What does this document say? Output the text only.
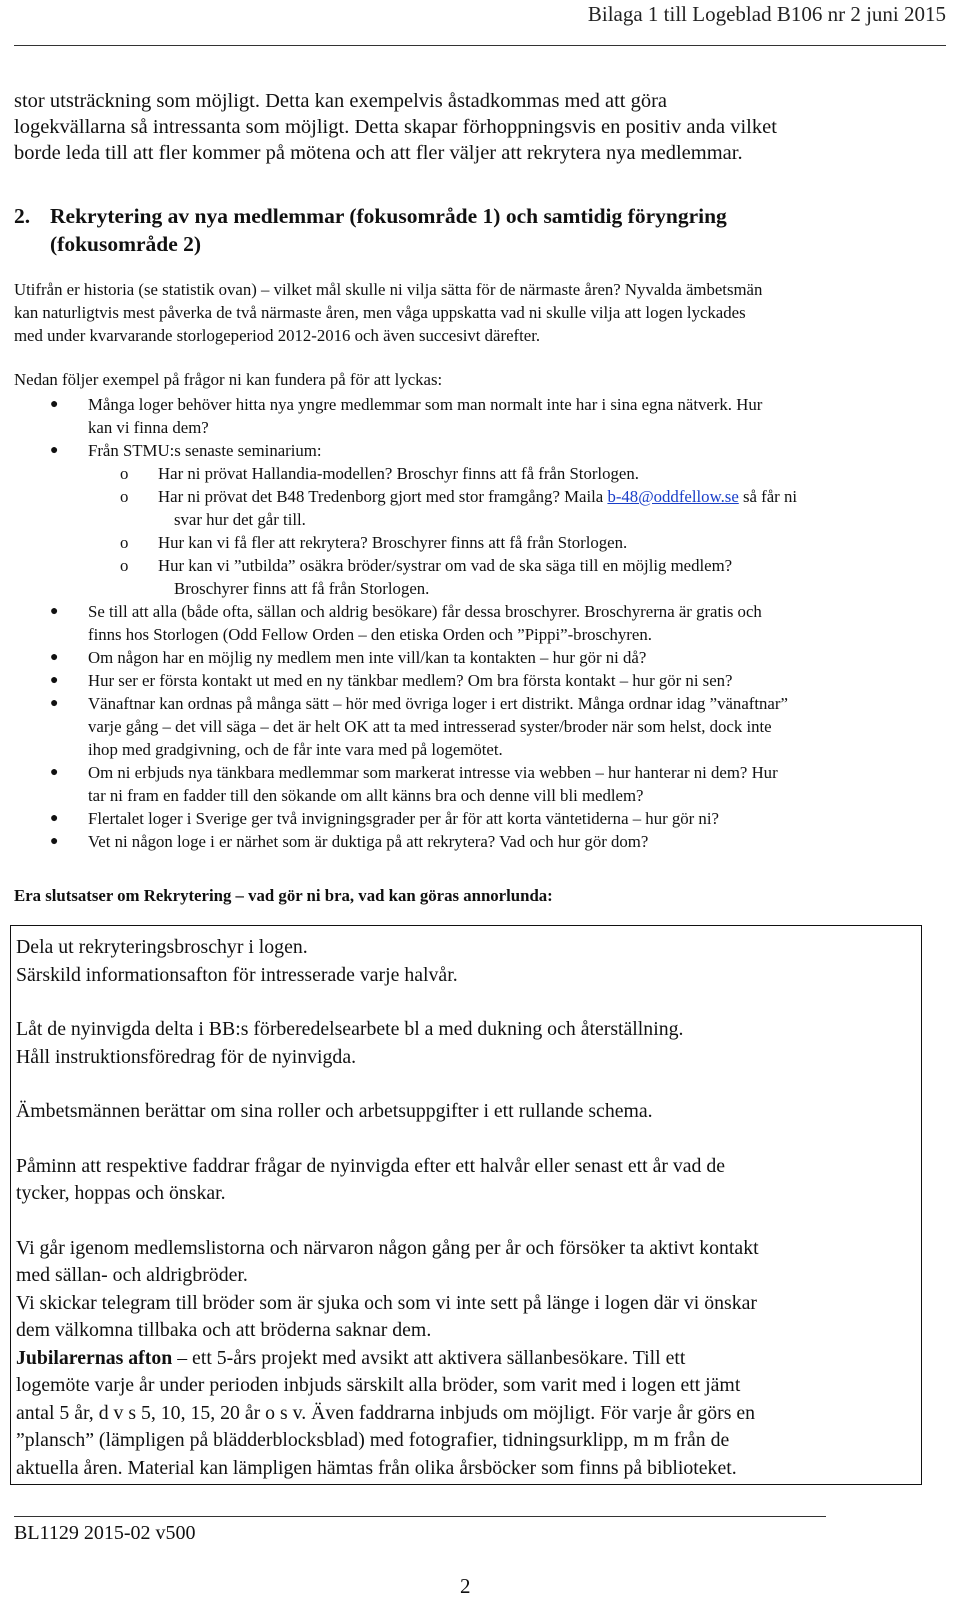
Bilaga 1 till Logeblad B106 nr 2 juni 2015
stor utsträckning som möjligt. Detta kan exempelvis åstadkommas med att göra
logekvällarna så intressanta som möjligt. Detta skapar förhoppningsvis en positiv anda vilket
borde leda till att fler kommer på mötena och att fler väljer att rekrytera nya medlemmar.
2. Rekrytering av nya medlemmar (fokusområde 1) och samtidig föryngring
(fokusområde 2)
Utifrån er historia (se statistik ovan) – vilket mål skulle ni vilja sätta för de närmaste åren? Nyvalda ämbetsmän
kan naturligtvis mest påverka de två närmaste åren, men våga uppskatta vad ni skulle vilja att logen lyckades
med under kvarvarande storlogeperiod 2012-2016 och även succesivt därefter.
Nedan följer exempel på frågor ni kan fundera på för att lyckas:
● Många loger behöver hitta nya yngre medlemmar som man normalt inte har i sina egna nätverk. Hur
kan vi finna dem?
● Från STMU:s senaste seminarium:
o Har ni prövat Hallandia-modellen? Broschyr finns att få från Storlogen.
o Har ni prövat det B48 Tredenborg gjort med stor framgång? Maila b-48@oddfellow.se så får ni
svar hur det går till.
o Hur kan vi få fler att rekrytera? Broschyrer finns att få från Storlogen.
o Hur kan vi ”utbilda” osäkra bröder/systrar om vad de ska säga till en möjlig medlem?
Broschyrer finns att få från Storlogen.
● Se till att alla (både ofta, sällan och aldrig besökare) får dessa broschyrer. Broschyrerna är gratis och
finns hos Storlogen (Odd Fellow Orden – den etiska Orden och ”Pippi”-broschyren.
● Om någon har en möjlig ny medlem men inte vill/kan ta kontakten – hur gör ni då?
● Hur ser er första kontakt ut med en ny tänkbar medlem? Om bra första kontakt – hur gör ni sen?
● Vänaftnar kan ordnas på många sätt – hör med övriga loger i ert distrikt. Många ordnar idag ”vänaftnar”
varje gång – det vill säga – det är helt OK att ta med intresserad syster/broder när som helst, dock inte
ihop med gradgivning, och de får inte vara med på logemötet.
● Om ni erbjuds nya tänkbara medlemmar som markerat intresse via webben – hur hanterar ni dem? Hur
tar ni fram en fadder till den sökande om allt känns bra och denne vill bli medlem?
● Flertalet loger i Sverige ger två invigningsgrader per år för att korta väntetiderna – hur gör ni?
● Vet ni någon loge i er närhet som är duktiga på att rekrytera? Vad och hur gör dom?
Era slutsatser om Rekrytering – vad gör ni bra, vad kan göras annorlunda:
Dela ut rekryteringsbroschyr i logen.
Särskild informationsafton för intresserade varje halvår.
Låt de nyinvigda delta i BB:s förberedelsearbete bl a med dukning och återställning.
Håll instruktionsföredrag för de nyinvigda.
Ämbetsmännen berättar om sina roller och arbetsuppgifter i ett rullande schema.
Påminn att respektive faddrar frågar de nyinvigda efter ett halvår eller senast ett år vad de
tycker, hoppas och önskar.
Vi går igenom medlemslistorna och närvaron någon gång per år och försöker ta aktivt kontakt
med sällan- och aldrigbröder.
Vi skickar telegram till bröder som är sjuka och som vi inte sett på länge i logen där vi önskar
dem välkomna tillbaka och att bröderna saknar dem.
Jubilarernas afton – ett 5-års projekt med avsikt att aktivera sällanbesökare. Till ett
logemöte varje år under perioden inbjuds särskilt alla bröder, som varit med i logen ett jämt
antal 5 år, d v s 5, 10, 15, 20 år o s v. Även faddrarna inbjuds om möjligt. För varje år görs en
”plansch” (lämpligen på blädderblocksblad) med fotografier, tidningsurklipp, m m från de
aktuella åren. Material kan lämpligen hämtas från olika årsböcker som finns på biblioteket.
BL1129 2015-02 v500
2
